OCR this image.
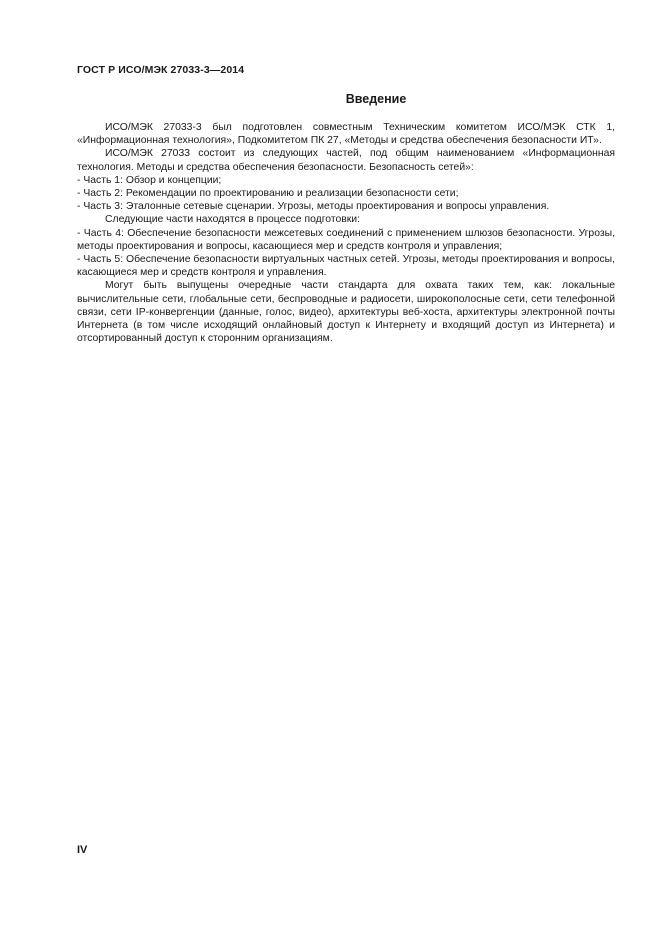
ГОСТ Р ИСО/МЭК 27033-3—2014
Введение

ИСО/МЭК 27033-3 был подготовлен совместным Техническим комитетом ИСО/МЭК СТК 1, «Информационная технология», Подкомитетом ПК 27, «Методы и средства обеспечения безопасности ИТ».

ИСО/МЭК 27033 состоит из следующих частей, под общим наименованием «Информационная технология. Методы и средства обеспечения безопасности. Безопасность сетей»:

- Часть 1: Обзор и концепции;

- Часть 2: Рекомендации по проектированию и реализации безопасности сети;

- Часть 3: Эталонные сетевые сценарии. Угрозы, методы проектирования и вопросы управления.

Следующие части находятся в процессе подготовки:

- Часть 4: Обеспечение безопасности межсетевых соединений с применением шлюзов безопасности. Угрозы, методы проектирования и вопросы, касающиеся мер и средств контроля и управления;

- Часть 5: Обеспечение безопасности виртуальных частных сетей. Угрозы, методы проектирования и вопросы, касающиеся мер и средств контроля и управления.

Могут быть выпущены очередные части стандарта для охвата таких тем, как: локальные вычислительные сети, глобальные сети, беспроводные и радиосети, широкополосные сети, сети телефонной связи, сети IP-конвергенции (данные, голос, видео), архитектуры веб-хоста, архитектуры электронной почты Интернета (в том числе исходящий онлайновый доступ к Интернету и входящий доступ из Интернета) и отсортированный доступ к сторонним организациям.

IV
